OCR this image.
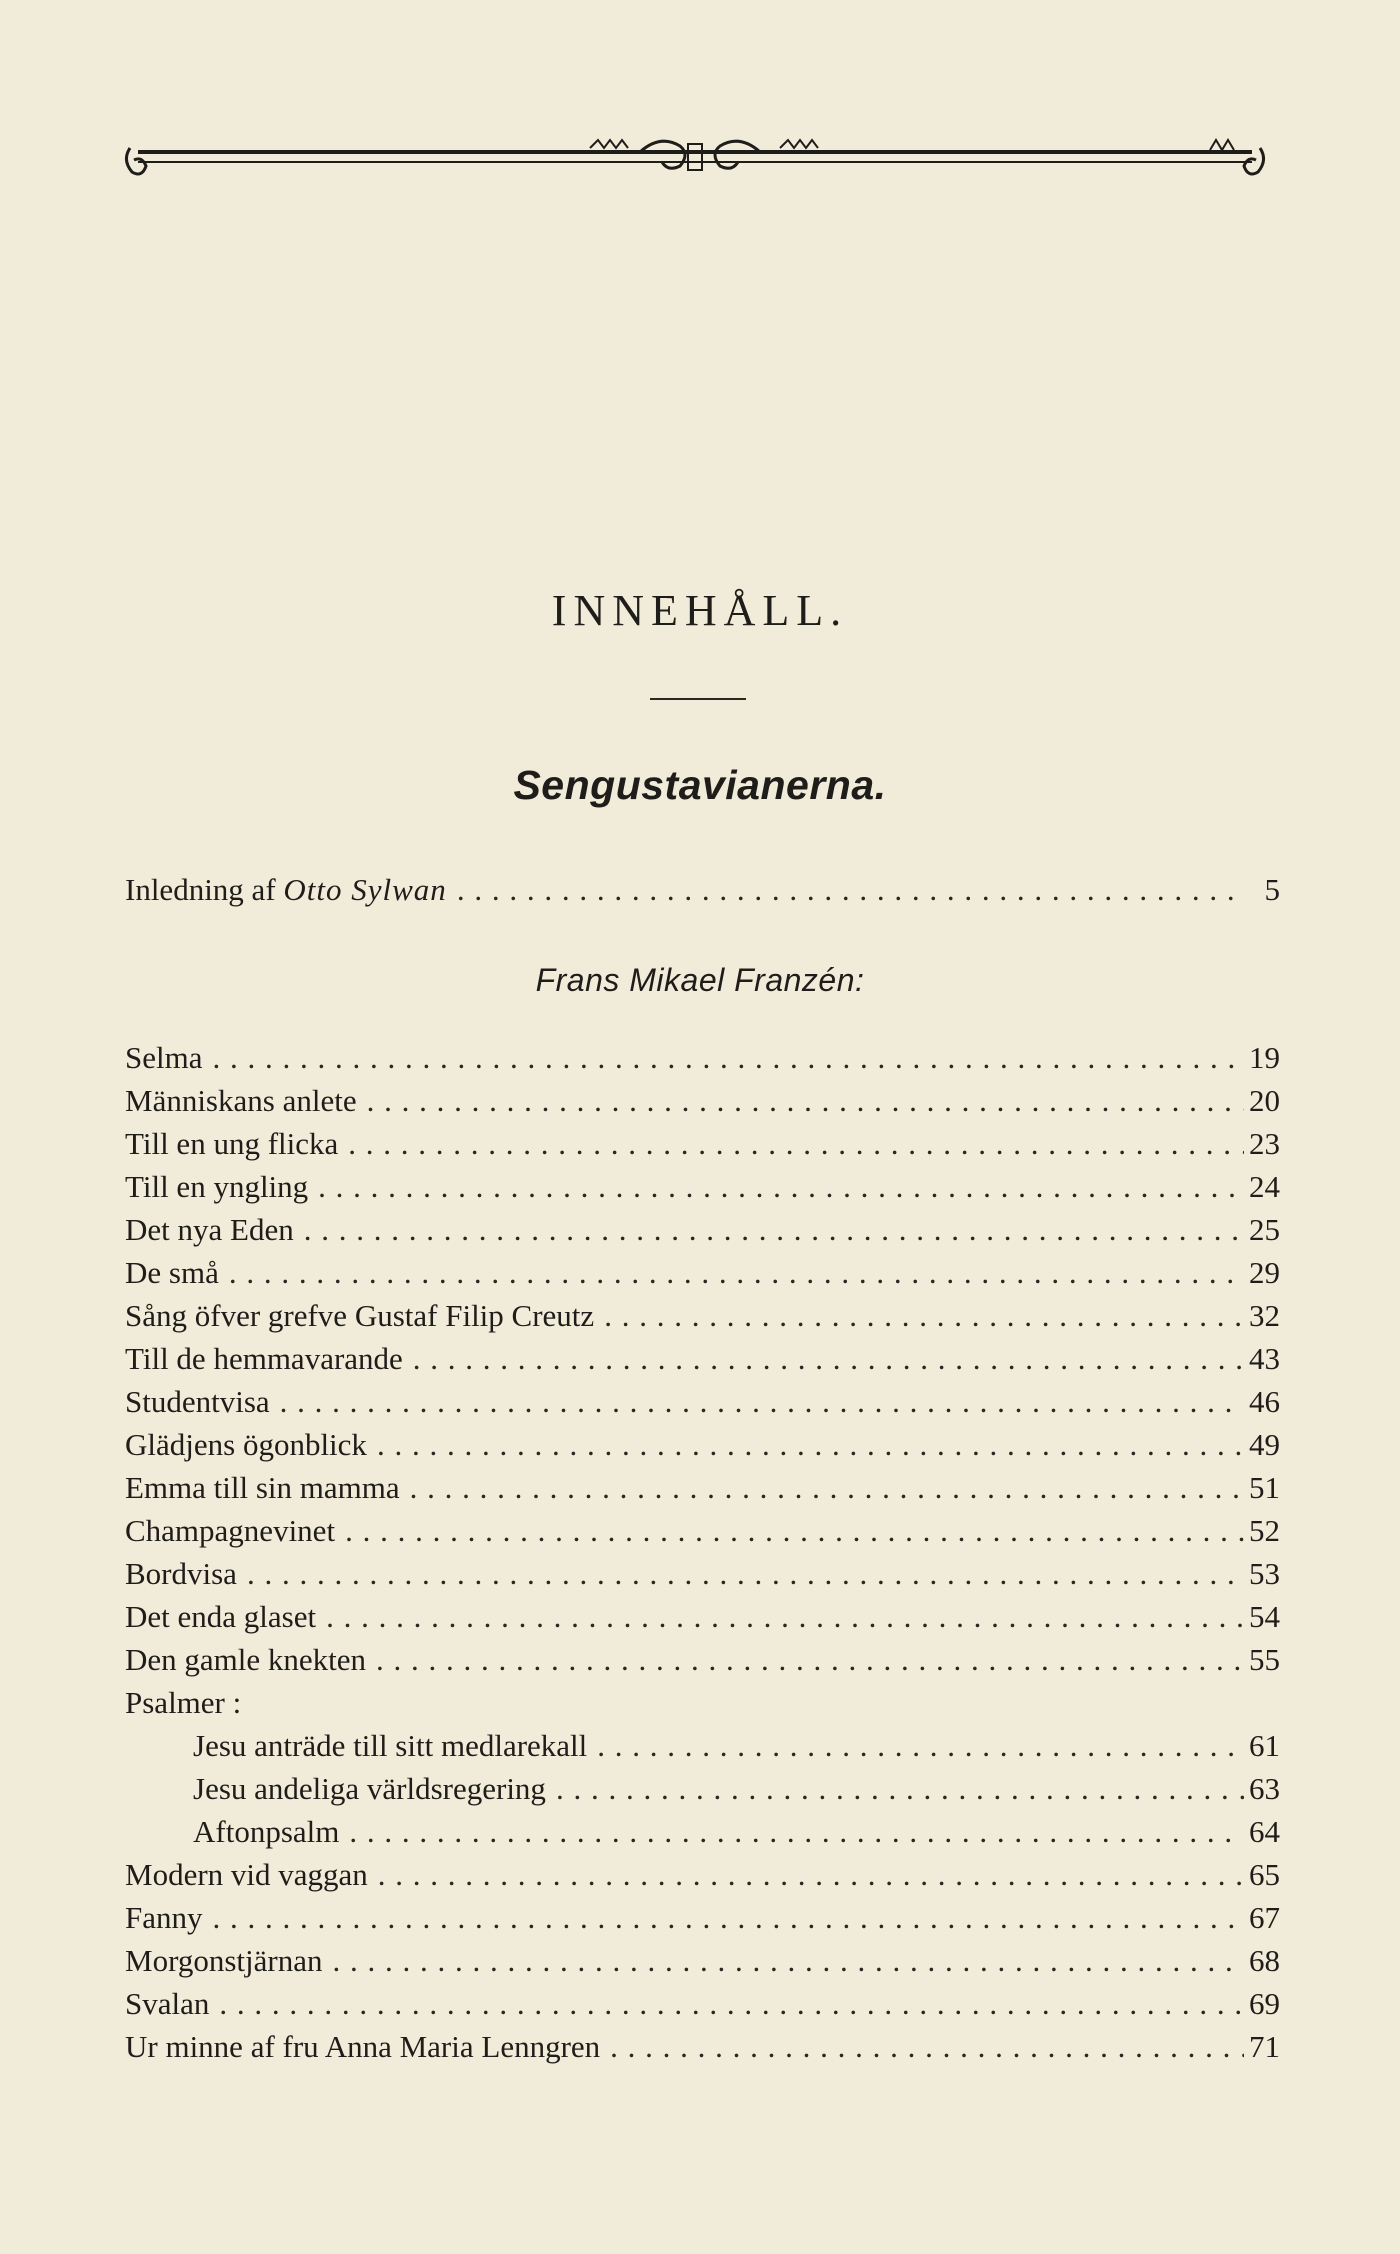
INNEHÅLL.
Sengustavianerna.
Inledning af Otto Sylwan . . .	5
Frans Mikael Franzén:
Selma . . .	19
Människans anlete . . .	20
Till en ung flicka . . .	23
Till en yngling . . .	24
Det nya Eden . . .	25
De små . . .	29
Sång öfver grefve Gustaf Filip Creutz . . .	32
Till de hemmavarande . . .	43
Studentvisa . . .	46
Glädjens ögonblick . . .	49
Emma till sin mamma . . .	51
Champagnevinet . . .	52
Bordvisa . . .	53
Det enda glaset . . .	54
Den gamle knekten . . .	55
Psalmer :
Jesu anträde till sitt medlarekall . . .	61
Jesu andeliga världsregering . . .	63
Aftonpsalm . . .	64
Modern vid vaggan . . .	65
Fanny . . .	67
Morgonstjärnan . . .	68
Svalan . . .	69
Ur minne af fru Anna Maria Lenngren . . .	71
